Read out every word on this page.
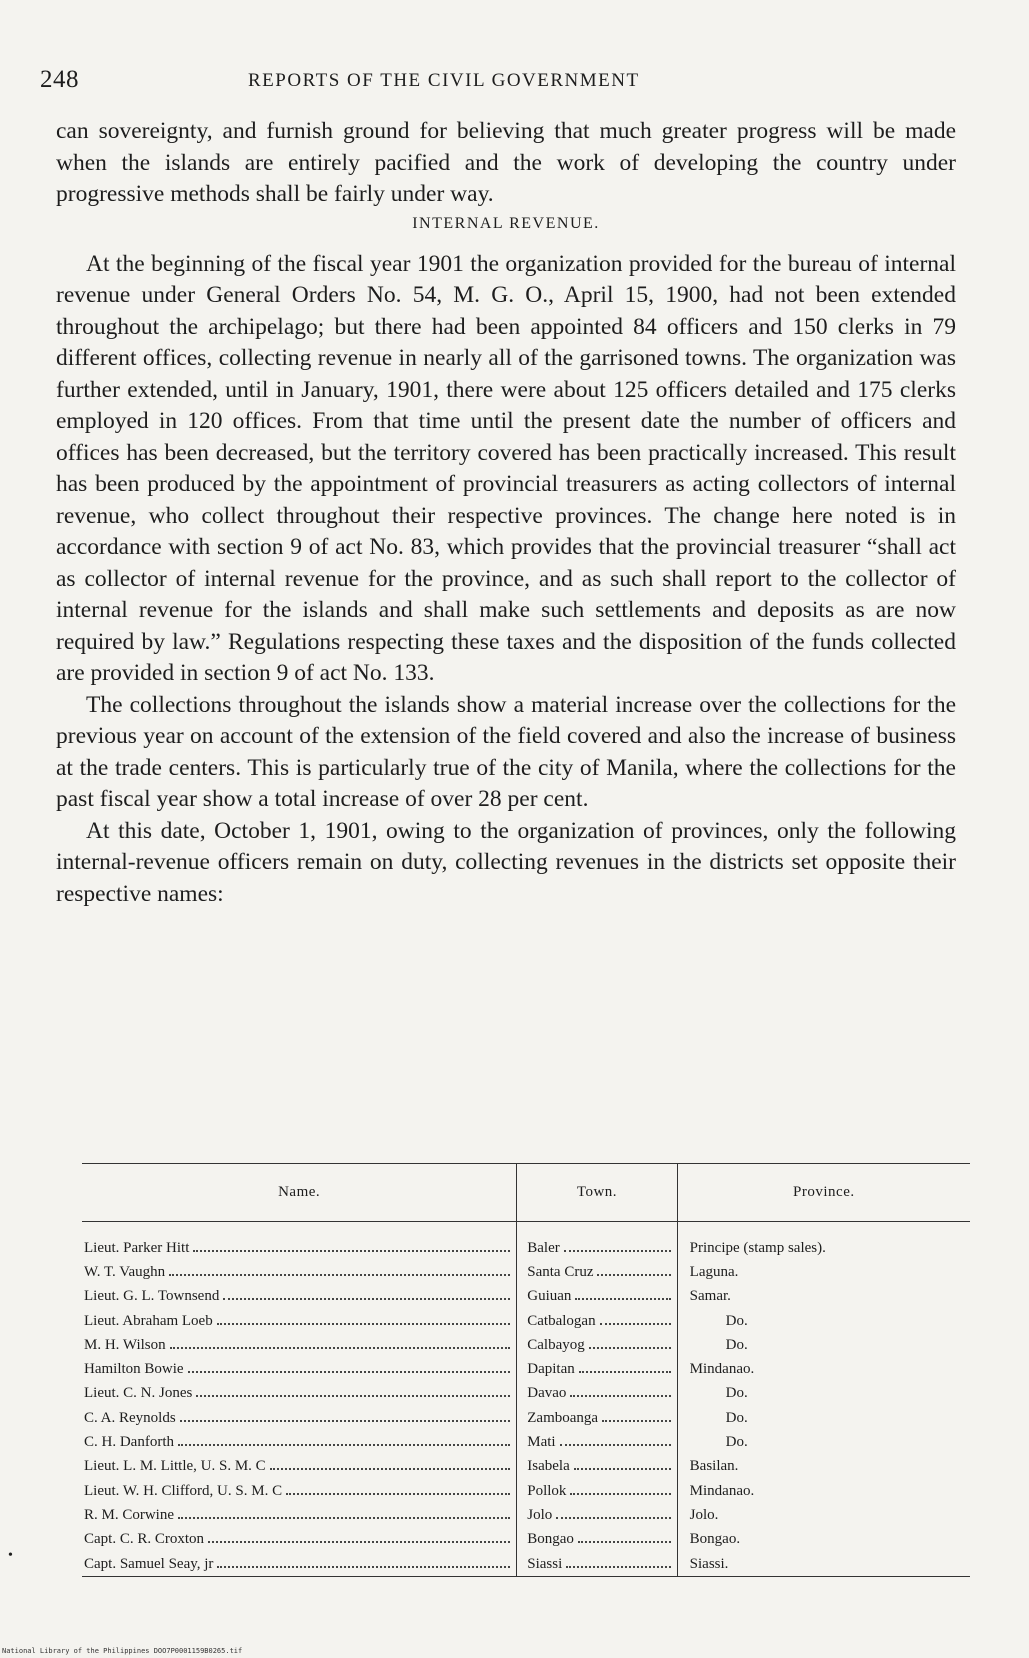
248	REPORTS OF THE CIVIL GOVERNMENT

can sovereignty, and furnish ground for believing that much greater progress will be made when the islands are entirely pacified and the work of developing the country under progressive methods shall be fairly under way.

INTERNAL REVENUE.

At the beginning of the fiscal year 1901 the organization provided for the bureau of internal revenue under General Orders No. 54, M. G. O., April 15, 1900, had not been extended throughout the archipelago; but there had been appointed 84 officers and 150 clerks in 79 different offices, collecting revenue in nearly all of the garrisoned towns. The organization was further extended, until in January, 1901, there were about 125 officers detailed and 175 clerks employed in 120 offices. From that time until the present date the number of officers and offices has been decreased, but the territory covered has been practically increased. This result has been produced by the appointment of provincial treasurers as acting collectors of internal revenue, who collect throughout their respective provinces. The change here noted is in accordance with section 9 of act No. 83, which provides that the provincial treasurer “shall act as collector of internal revenue for the province, and as such shall report to the collector of internal revenue for the islands and shall make such settlements and deposits as are now required by law.” Regulations respecting these taxes and the disposition of the funds collected are provided in section 9 of act No. 133.

The collections throughout the islands show a material increase over the collections for the previous year on account of the extension of the field covered and also the increase of business at the trade centers. This is particularly true of the city of Manila, where the collections for the past fiscal year show a total increase of over 28 per cent.

At this date, October 1, 1901, owing to the organization of provinces, only the following internal-revenue officers remain on duty, collecting revenues in the districts set opposite their respective names:

Name.	Town.	Province.

Lieut. Parker Hitt	Baler	Principe (stamp sales).

W. T. Vaughn	Santa Cruz	Laguna.

Lieut. G. L. Townsend	Guiuan	Samar.

Lieut. Abraham Loeb	Catbalogan	Do.

M. H. Wilson	Calbayog	Do.

Hamilton Bowie	Dapitan	Mindanao.

Lieut. C. N. Jones	Davao	Do.

C. A. Reynolds	Zamboanga	Do.

C. H. Danforth	Mati	Do.

Lieut. L. M. Little, U. S. M. C	Isabela	Basilan.

Lieut. W. H. Clifford, U. S. M. C	Pollok	Mindanao.

R. M. Corwine	Jolo	Jolo.

Capt. C. R. Croxton	Bongao	Bongao.

Capt. Samuel Seay, jr	Siassi	Siassi.
•
National Library of the Philippines DOO7P0001159B0265.tif
